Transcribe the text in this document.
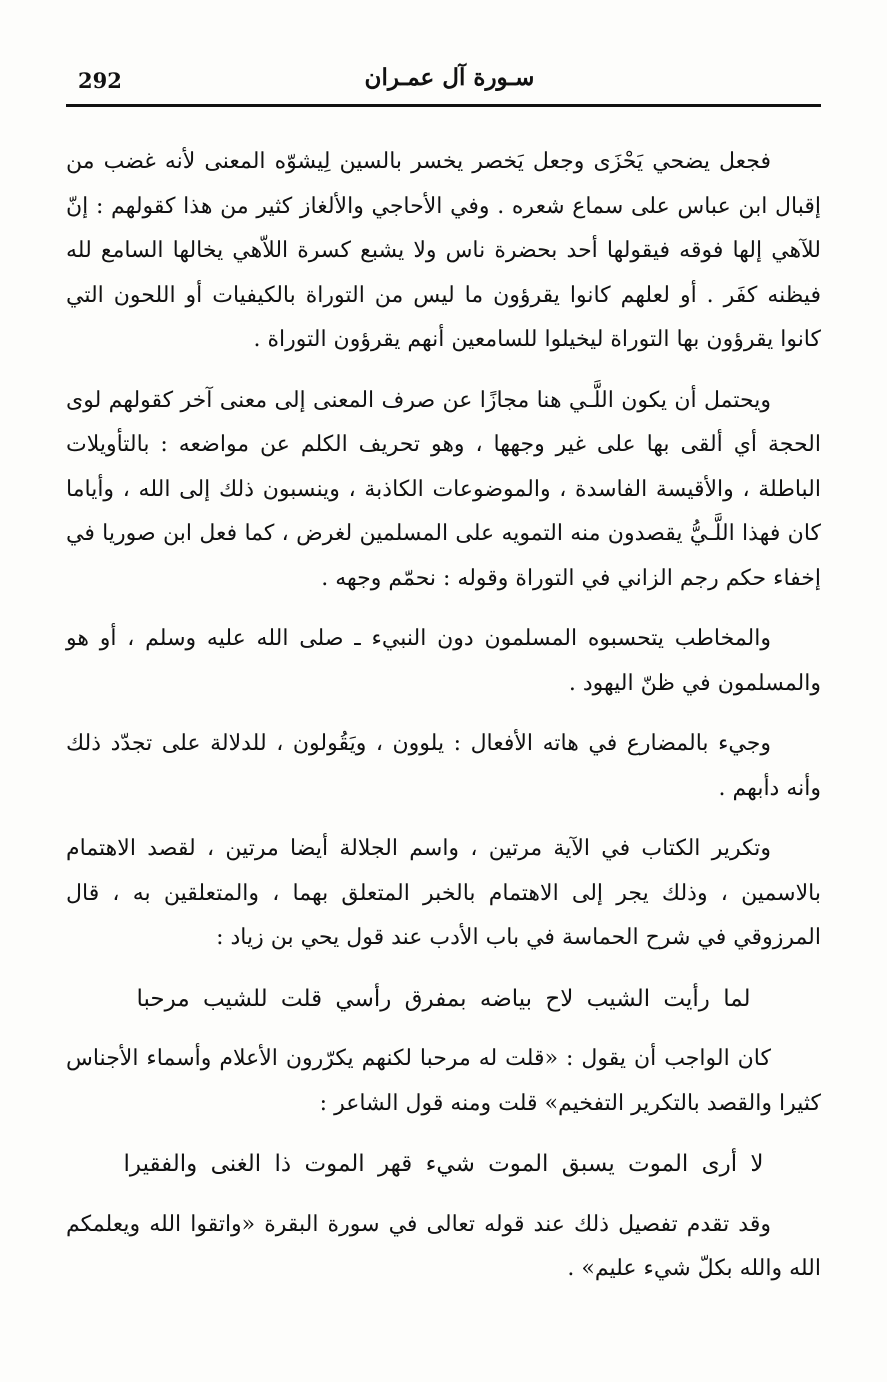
292	سـورة آل عمـران

فجعل يضحي يَحْزَى وجعل يَخصر يخسر بالسين لِيشوّه المعنى لأنه غضب من إقبال ابن عباس على سماع شعره . وفي الأحاجي والألغاز كثير من هذا كقولهم : إنّ للآهي إلها فوقه فيقولها أحد بحضرة ناس ولا يشبع كسرة اللاّهي يخالها السامع لله فيظنه كفَر . أو لعلهم كانوا يقرؤون ما ليس من التوراة بالكيفيات أو اللحون التي كانوا يقرؤون بها التوراة ليخيلوا للسامعين أنهم يقرؤون التوراة .

ويحتمل أن يكون اللَّـي هنا مجازًا عن صرف المعنى إلى معنى آخر كقولهم لوى الحجة أي ألقى بها على غير وجهها ، وهو تحريف الكلم عن مواضعه : بالتأويلات الباطلة ، والأقيسة الفاسدة ، والموضوعات الكاذبة ، وينسبون ذلك إلى الله ، وأياما كان فهذا اللَّـيُّ يقصدون منه التمويه على المسلمين لغرض ، كما فعل ابن صوريا في إخفاء حكم رجم الزاني في التوراة وقوله : نحمّم وجهه .

والمخاطب يتحسبوه المسلمون دون النبيء ـ صلى الله عليه وسلم ، أو هو والمسلمون في ظنّ اليهود .

وجيء بالمضارع في هاته الأفعال : يلوون ، ويَقُولون ، للدلالة على تجدّد ذلك وأنه دأبهم .

وتكرير الكتاب في الآية مرتين ، واسم الجلالة أيضا مرتين ، لقصد الاهتمام بالاسمين ، وذلك يجر إلى الاهتمام بالخبر المتعلق بهما ، والمتعلقين به ، قال المرزوقي في شرح الحماسة في باب الأدب عند قول يحي بن زياد :

لما رأيت الشيب لاح بياضه بمفرق رأسي قلت للشيب مرحبا

كان الواجب أن يقول : «قلت له مرحبا لكنهم يكرّرون الأعلام وأسماء الأجناس كثيرا والقصد بالتكرير التفخيم» قلت ومنه قول الشاعر :

لا أرى الموت يسبق الموت شيء قهر الموت ذا الغنى والفقيرا

وقد تقدم تفصيل ذلك عند قوله تعالى في سورة البقرة «واتقوا الله ويعلمكم الله والله بكلّ شيء عليم» .
